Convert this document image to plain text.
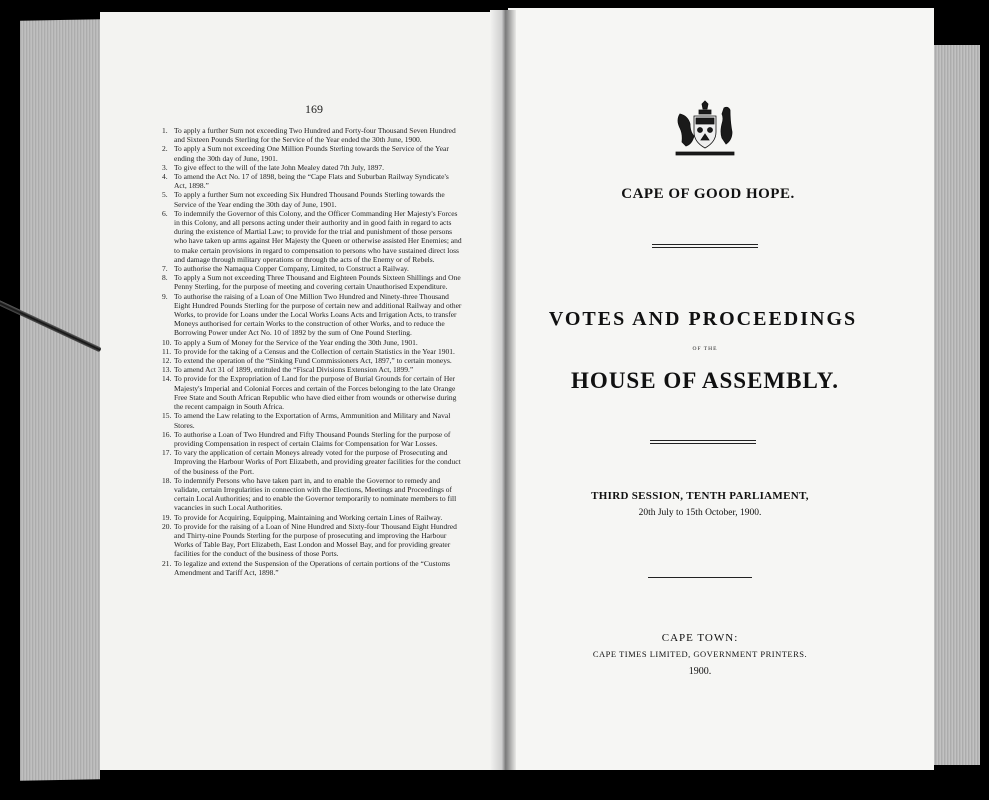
169
1. To apply a further Sum not exceeding Two Hundred and Forty-four Thousand Seven Hundred and Sixteen Pounds Sterling for the Service of the Year ended the 30th June, 1900.
2. To apply a Sum not exceeding One Million Pounds Sterling towards the Service of the Year ending the 30th day of June, 1901.
3. To give effect to the will of the late John Mealey dated 7th July, 1897.
4. To amend the Act No. 17 of 1898, being the “Cape Flats and Suburban Railway Syndicate's Act, 1898.”
5. To apply a further Sum not exceeding Six Hundred Thousand Pounds Sterling towards the Service of the Year ending the 30th day of June, 1901.
6. To indemnify the Governor of this Colony, and the Officer Commanding Her Majesty's Forces in this Colony, and all persons acting under their authority and in good faith in regard to acts during the existence of Martial Law; to provide for the trial and punishment of those persons who have taken up arms against Her Majesty the Queen or otherwise assisted Her Enemies; and to make certain provisions in regard to compensation to persons who have sustained direct loss and damage through military operations or through the acts of the Enemy or of Rebels.
7. To authorise the Namaqua Copper Company, Limited, to Construct a Railway.
8. To apply a Sum not exceeding Three Thousand and Eighteen Pounds Sixteen Shillings and One Penny Sterling, for the purpose of meeting and covering certain Unauthorised Expenditure.
9. To authorise the raising of a Loan of One Million Two Hundred and Ninety-three Thousand Eight Hundred Pounds Sterling for the purpose of certain new and additional Railway and other Works, to provide for Loans under the Local Works Loans Acts and Irrigation Acts, to transfer Moneys authorised for certain Works to the construction of other Works, and to reduce the Borrowing Power under Act No. 10 of 1892 by the sum of One Pound Sterling.
10. To apply a Sum of Money for the Service of the Year ending the 30th June, 1901.
11. To provide for the taking of a Census and the Collection of certain Statistics in the Year 1901.
12. To extend the operation of the “Sinking Fund Commissioners Act, 1897,” to certain moneys.
13. To amend Act 31 of 1899, entituled the “Fiscal Divisions Extension Act, 1899.”
14. To provide for the Expropriation of Land for the purpose of Burial Grounds for certain of Her Majesty's Imperial and Colonial Forces and certain of the Forces belonging to the late Orange Free State and South African Republic who have died either from wounds or otherwise during the recent campaign in South Africa.
15. To amend the Law relating to the Exportation of Arms, Ammunition and Military and Naval Stores.
16. To authorise a Loan of Two Hundred and Fifty Thousand Pounds Sterling for the purpose of providing Compensation in respect of certain Claims for Compensation for War Losses.
17. To vary the application of certain Moneys already voted for the purpose of Prosecuting and Improving the Harbour Works of Port Elizabeth, and providing greater facilities for the conduct of the business of the Port.
18. To indemnify Persons who have taken part in, and to enable the Governor to remedy and validate, certain Irregularities in connection with the Elections, Meetings and Proceedings of certain Local Authorities; and to enable the Governor temporarily to nominate members to fill vacancies in such Local Authorities.
19. To provide for Acquiring, Equipping, Maintaining and Working certain Lines of Railway.
20. To provide for the raising of a Loan of Nine Hundred and Sixty-four Thousand Eight Hundred and Thirty-nine Pounds Sterling for the purpose of prosecuting and improving the Harbour Works of Table Bay, Port Elizabeth, East London and Mossel Bay, and for providing greater facilities for the conduct of the business of those Ports.
21. To legalize and extend the Suspension of the Operations of certain portions of the “Customs Amendment and Tariff Act, 1898.”
CAPE OF GOOD HOPE.
VOTES AND PROCEEDINGS
OF THE
HOUSE OF ASSEMBLY.
THIRD SESSION, TENTH PARLIAMENT,
20th July to 15th October, 1900.
CAPE TOWN:
CAPE TIMES LIMITED, GOVERNMENT PRINTERS.
1900.
